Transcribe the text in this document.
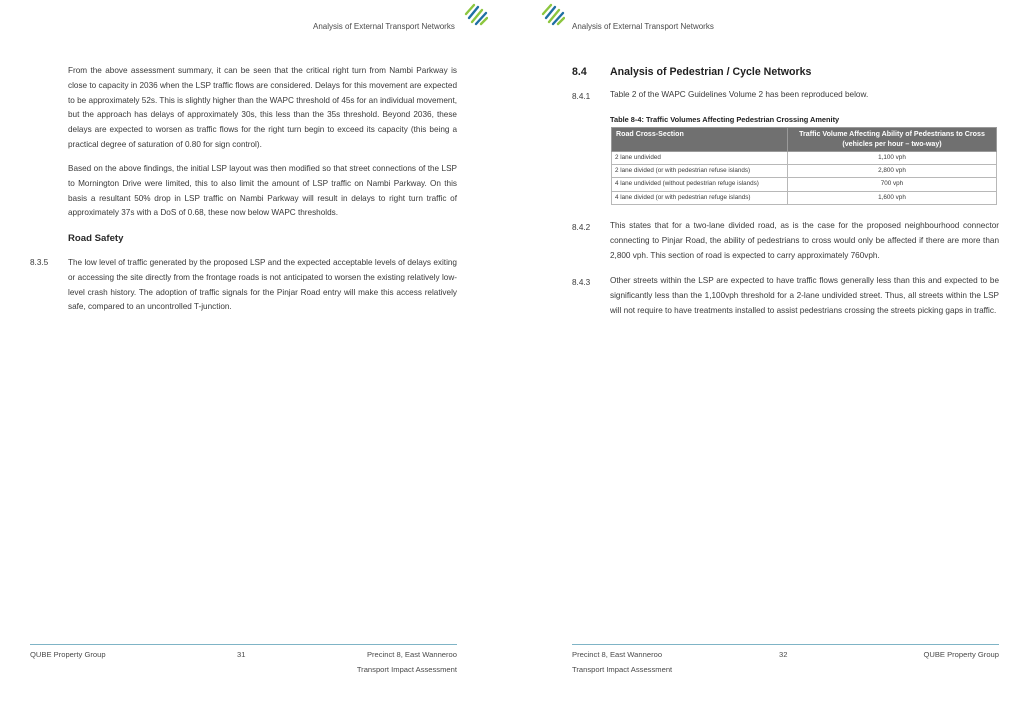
Analysis of External Transport Networks
From the above assessment summary, it can be seen that the critical right turn from Nambi Parkway is close to capacity in 2036 when the LSP traffic flows are considered. Delays for this movement are expected to be approximately 52s. This is slightly higher than the WAPC threshold of 45s for an individual movement, but the approach has delays of approximately 30s, this less than the 35s threshold. Beyond 2036, these delays are expected to worsen as traffic flows for the right turn begin to exceed its capacity (this being a practical degree of saturation of 0.80 for sign control).
Based on the above findings, the initial LSP layout was then modified so that street connections of the LSP to Mornington Drive were limited, this to also limit the amount of LSP traffic on Nambi Parkway. On this basis a resultant 50% drop in LSP traffic on Nambi Parkway will result in delays to right turn traffic of approximately 37s with a DoS of 0.68, these now below WAPC thresholds.
Road Safety
8.3.5 The low level of traffic generated by the proposed LSP and the expected acceptable levels of delays exiting or accessing the site directly from the frontage roads is not anticipated to worsen the existing relatively low-level crash history. The adoption of traffic signals for the Pinjar Road entry will make this access relatively safe, compared to an uncontrolled T-junction.
QUBE Property Group	31	Precinct 8, East Wanneroo
Transport Impact Assessment
Analysis of External Transport Networks
8.4 Analysis of Pedestrian / Cycle Networks
8.4.1 Table 2 of the WAPC Guidelines Volume 2 has been reproduced below.
Table 8-4: Traffic Volumes Affecting Pedestrian Crossing Amenity
Road Cross-Section	Traffic Volume Affecting Ability of Pedestrians to Cross (vehicles per hour – two-way)
2 lane undivided	1,100 vph
2 lane divided (or with pedestrian refuse islands)	2,800 vph
4 lane undivided (without pedestrian refuge islands)	700 vph
4 lane divided (or with pedestrian refuge islands)	1,600 vph
8.4.2 This states that for a two-lane divided road, as is the case for the proposed neighbourhood connector connecting to Pinjar Road, the ability of pedestrians to cross would only be affected if there are more than 2,800 vph. This section of road is expected to carry approximately 760vph.
8.4.3 Other streets within the LSP are expected to have traffic flows generally less than this and expected to be significantly less than the 1,100vph threshold for a 2-lane undivided street. Thus, all streets within the LSP will not require to have treatments installed to assist pedestrians crossing the streets picking gaps in traffic.
Precinct 8, East Wanneroo
Transport Impact Assessment
32	QUBE Property Group
